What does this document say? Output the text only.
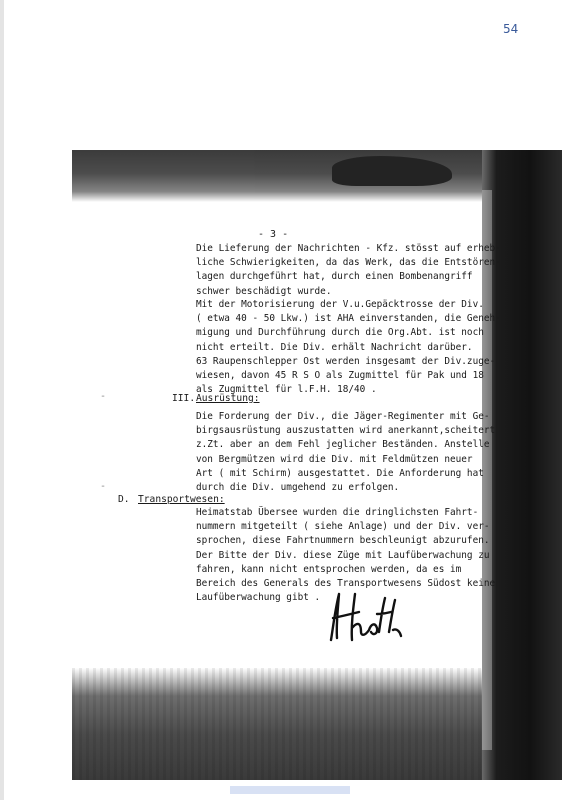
54
- 3 -
Die Lieferung der Nachrichten - Kfz. stösst auf erheb-
liche Schwierigkeiten, da das Werk, das die Entstören-
lagen durchgeführt hat, durch einen Bombenangriff
schwer beschädigt wurde.
Mit der Motorisierung der V.u.Gepäcktrosse der Div.
( etwa 40 - 50 Lkw.) ist AHA einverstanden, die Geneh-
migung und Durchführung durch die Org.Abt. ist noch
nicht erteilt. Die Div. erhält Nachricht darüber.
63 Raupenschlepper Ost werden insgesamt der Div.zuge-
wiesen, davon 45 R S O als Zugmittel für Pak und 18
als Zugmittel für l.F.H. 18/40 .
-	III. Ausrüstung:
Die Forderung der Div., die Jäger-Regimenter mit Ge-
birgsausrüstung auszustatten wird anerkannt,scheitert
z.Zt. aber an dem Fehl jeglicher Beständen. Anstelle
von Bergmützen wird die Div. mit Feldmützen neuer
Art ( mit Schirm) ausgestattet. Die Anforderung hat
durch die Div. umgehend zu erfolgen.
-
D. Transportwesen:
Heimatstab Übersee wurden die dringlichsten Fahrt-
nummern mitgeteilt ( siehe Anlage) und der Div. ver-
sprochen, diese Fahrtnummern beschleunigt abzurufen.
Der Bitte der Div. diese Züge mit Laufüberwachung zu
fahren, kann nicht entsprochen werden, da es im
Bereich des Generals des Transportwesens Südost keine
Laufüberwachung gibt .
